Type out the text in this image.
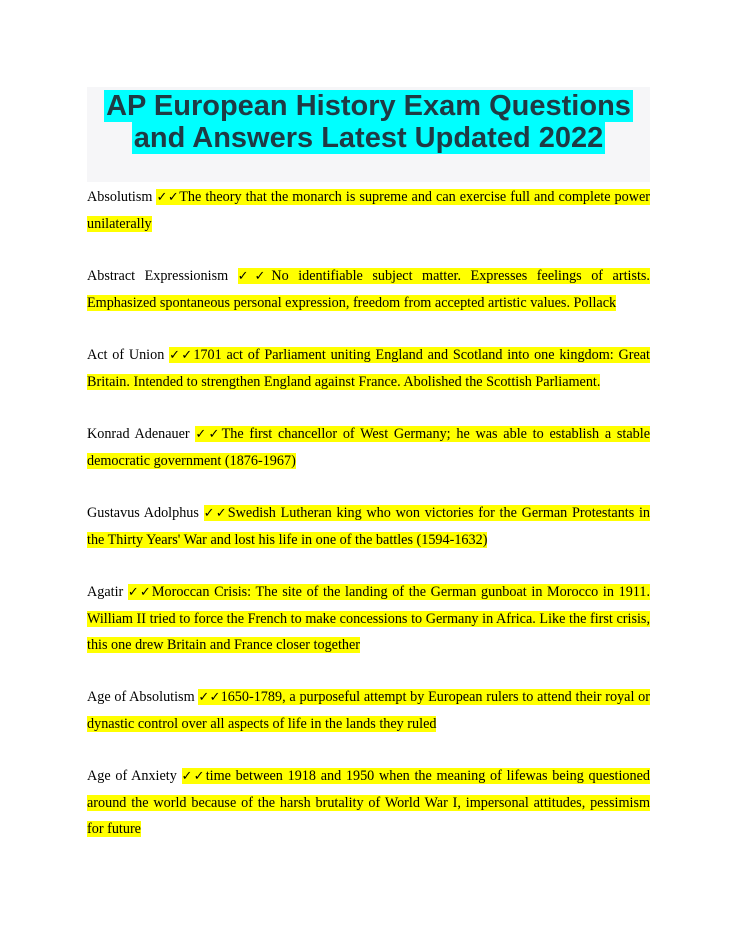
AP European History Exam Questions
and Answers Latest Updated 2022

Absolutism ✓✓The theory that the monarch is supreme and can exercise full and complete power unilaterally

Abstract Expressionism ✓✓No identifiable subject matter. Expresses feelings of artists. Emphasized spontaneous personal expression, freedom from accepted artistic values. Pollack

Act of Union ✓✓1701 act of Parliament uniting England and Scotland into one kingdom: Great Britain. Intended to strengthen England against France. Abolished the Scottish Parliament.

Konrad Adenauer ✓✓The first chancellor of West Germany; he was able to establish a stable democratic government (1876-1967)

Gustavus Adolphus ✓✓Swedish Lutheran king who won victories for the German Protestants in the Thirty Years' War and lost his life in one of the battles (1594-1632)

Agatir ✓✓Moroccan Crisis: The site of the landing of the German gunboat in Morocco in 1911. William II tried to force the French to make concessions to Germany in Africa. Like the first crisis, this one drew Britain and France closer together

Age of Absolutism ✓✓1650-1789, a purposeful attempt by European rulers to attend their royal or dynastic control over all aspects of life in the lands they ruled

Age of Anxiety ✓✓time between 1918 and 1950 when the meaning of lifewas being questioned around the world because of the harsh brutality of World War I, impersonal attitudes, pessimism for future
